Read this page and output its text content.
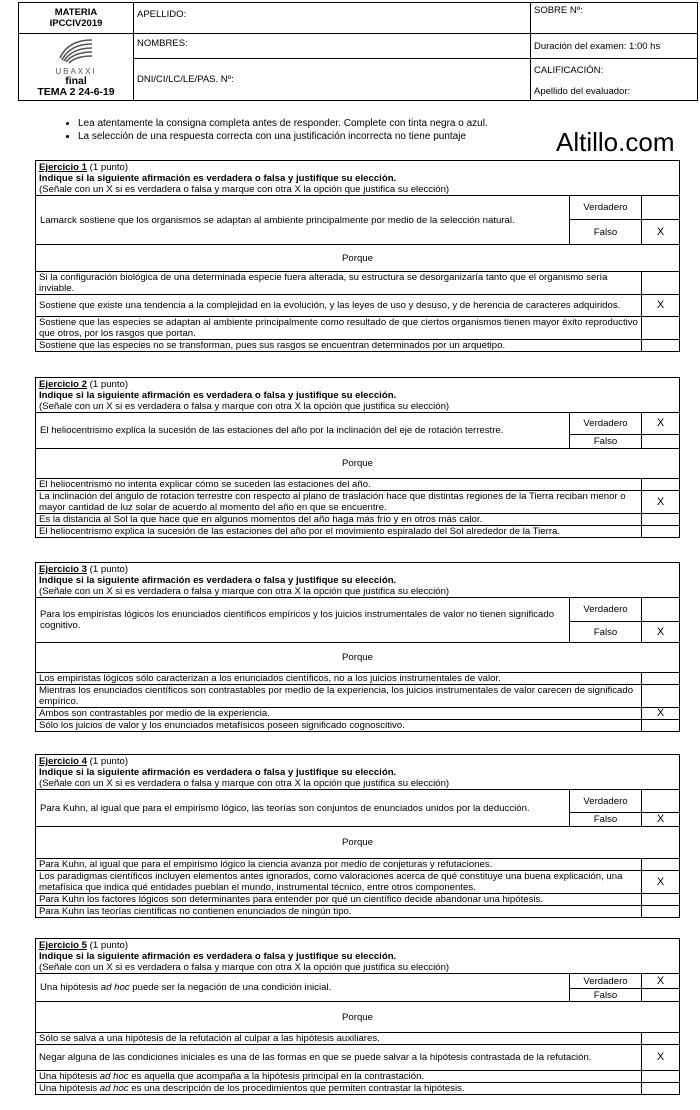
MATERIA
IPCCIV2019	APELLIDO:	SOBRE Nº:

UBAXXI
final
TEMA 2 24-6-19	NOMBRES:	Duración del examen: 1:00 hs
	DNI/CI/LC/LE/PAS. Nº:	CALIFICACIÓN:
Apellido del evaluador:
• Lea atentamente la consigna completa antes de responder. Complete con tinta negra o azul.
• La selección de una respuesta correcta con una justificación incorrecta no tiene puntaje	Altillo.com
Ejercicio 1 (1 punto)
Indique si la siguiente afirmación es verdadera o falsa y justifique su elección.
(Señale con un X si es verdadera o falsa y marque con otra X la opción que justifica su elección)
Lamarck sostiene que los organismos se adaptan al ambiente principalmente por medio de la selección natural.	Verdadero	
	Falso	X
Porque		
Si la configuración biológica de una determinada especie fuera alterada, su estructura se desorganizaría tanto que el organismo sería inviable.		
Sostiene que existe una tendencia a la complejidad en la evolución, y las leyes de uso y desuso, y de herencia de caracteres adquiridos.		X
Sostiene que las especies se adaptan al ambiente principalmente como resultado de que ciertos organismos tienen mayor éxito reproductivo que otros, por los rasgos que portan.		
Sostiene que las especies no se transforman, pues sus rasgos se encuentran determinados por un arquetipo.		
Ejercicio 2 (1 punto)
Indique si la siguiente afirmación es verdadera o falsa y justifique su elección.
(Señale con un X si es verdadera o falsa y marque con otra X la opción que justifica su elección)
El heliocentrismo explica la sucesión de las estaciones del año por la inclinación del eje de rotación terrestre.	Verdadero	X
	Falso	
Porque		
El heliocentrismo no intenta explicar cómo se suceden las estaciones del año.		
La inclinación del ángulo de rotación terrestre con respecto al plano de traslación hace que distintas regiones de la Tierra reciban menor o mayor cantidad de luz solar de acuerdo al momento del año en que se encuentre.		X
Es la distancia al Sol la que hace que en algunos momentos del año haga más frío y en otros más calor.		
El heliocentrismo explica la sucesión de las estaciones del año por el movimiento espiralado del Sol alrededor de la Tierra.		
Ejercicio 3 (1 punto)
Indique si la siguiente afirmación es verdadera o falsa y justifique su elección.
(Señale con un X si es verdadera o falsa y marque con otra X la opción que justifica su elección)
Para los empiristas lógicos los enunciados científicos empíricos y los juicios instrumentales de valor no tienen significado cognitivo.	Verdadero	
	Falso	X
Porque		
Los empiristas lógicos sólo caracterizan a los enunciados científicos, no a los juicios instrumentales de valor.		
Mientras los enunciados científicos son contrastables por medio de la experiencia, los juicios instrumentales de valor carecen de significado empírico.		
Ambos son contrastables por medio de la experiencia.		X
Sólo los juicios de valor y los enunciados metafísicos poseen significado cognoscitivo.		
Ejercicio 4 (1 punto)
Indique si la siguiente afirmación es verdadera o falsa y justifique su elección.
(Señale con un X si es verdadera o falsa y marque con otra X la opción que justifica su elección)
Para Kuhn, al igual que para el empirismo lógico, las teorías son conjuntos de enunciados unidos por la deducción.	Verdadero	
	Falso	X
Porque		
Para Kuhn, al igual que para el empirismo lógico la ciencia avanza por medio de conjeturas y refutaciones.		
Los paradigmas científicos incluyen elementos antes ignorados, como valoraciones acerca de qué constituye una buena explicación, una metafísica que indica qué entidades pueblan el mundo, instrumental técnico, entre otros componentes.		X
Para Kuhn los factores lógicos son determinantes para entender por qué un científico decide abandonar una hipótesis.		
Para Kuhn las teorías científicas no contienen enunciados de ningún tipo.		
Ejercicio 5 (1 punto)
Indique si la siguiente afirmación es verdadera o falsa y justifique su elección.
(Señale con un X si es verdadera o falsa y marque con otra X la opción que justifica su elección)
Una hipótesis ad hoc puede ser la negación de una condición inicial.	Verdadero	X
	Falso	
Porque		
Sólo se salva a una hipótesis de la refutación al culpar a las hipótesis auxiliares.		
Negar alguna de las condiciones iniciales es una de las formas en que se puede salvar a la hipótesis contrastada de la refutación.		X
Una hipótesis ad hoc es aquella que acompaña a la hipótesis principal en la contrastación.		
Una hipótesis ad hoc es una descripción de los procedimientos que permiten contrastar la hipótesis.		
